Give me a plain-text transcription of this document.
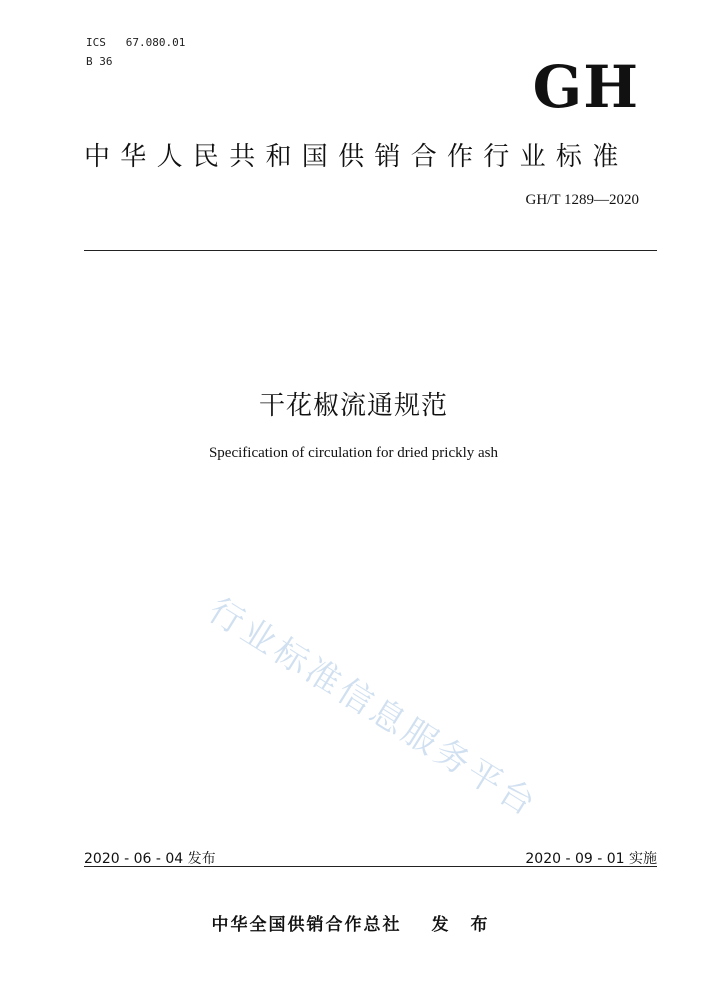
ICS   67.080.01
B 36	GH
中华人民共和国供销合作行业标准
GH/T 1289—2020
干花椒流通规范
Specification of circulation for dried prickly ash
行业标准信息服务平台
2020 - 06 - 04 发布	2020 - 09 - 01 实施
中华全国供销合作总社 发 布
